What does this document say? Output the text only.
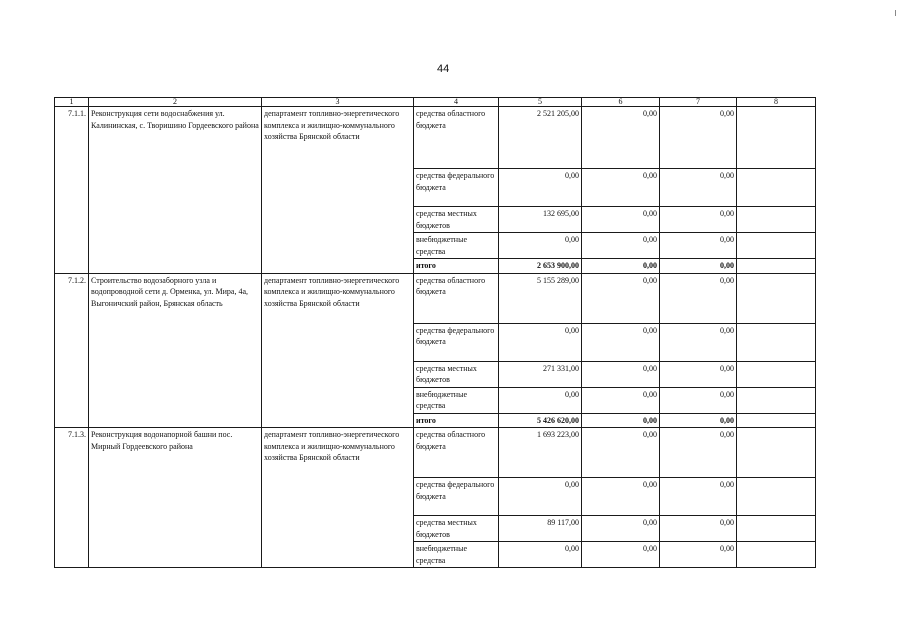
44
1	2	3	4	5	6	7	8
7.1.1.	Реконструкция сети водоснабжения ул. Калининская, с. Творишино Гордеевского района	департамент топливно-энергетического комплекса и жилищно-коммунального хозяйства Брянской области	средства областного бюджета	2 521 205,00	0,00	0,00	
			средства федерального бюджета	0,00	0,00	0,00	
			средства местных бюджетов	132 695,00	0,00	0,00	
			внебюджетные средства	0,00	0,00	0,00	
			итого	2 653 900,00	0,00	0,00	
7.1.2.	Строительство водозаборного узла и водопроводной сети д. Орменка, ул. Мира, 4а, Выгоничский район, Брянская область	департамент топливно-энергетического комплекса и жилищно-коммунального хозяйства Брянской области	средства областного бюджета	5 155 289,00	0,00	0,00	
			средства федерального бюджета	0,00	0,00	0,00	
			средства местных бюджетов	271 331,00	0,00	0,00	
			внебюджетные средства	0,00	0,00	0,00	
			итого	5 426 620,00	0,00	0,00	
7.1.3.	Реконструкция водонапорной башни пос. Мирный Гордеевского района	департамент топливно-энергетического комплекса и жилищно-коммунального хозяйства Брянской области	средства областного бюджета	1 693 223,00	0,00	0,00	
			средства федерального бюджета	0,00	0,00	0,00	
			средства местных бюджетов	89 117,00	0,00	0,00	
			внебюджетные средства	0,00	0,00	0,00	
